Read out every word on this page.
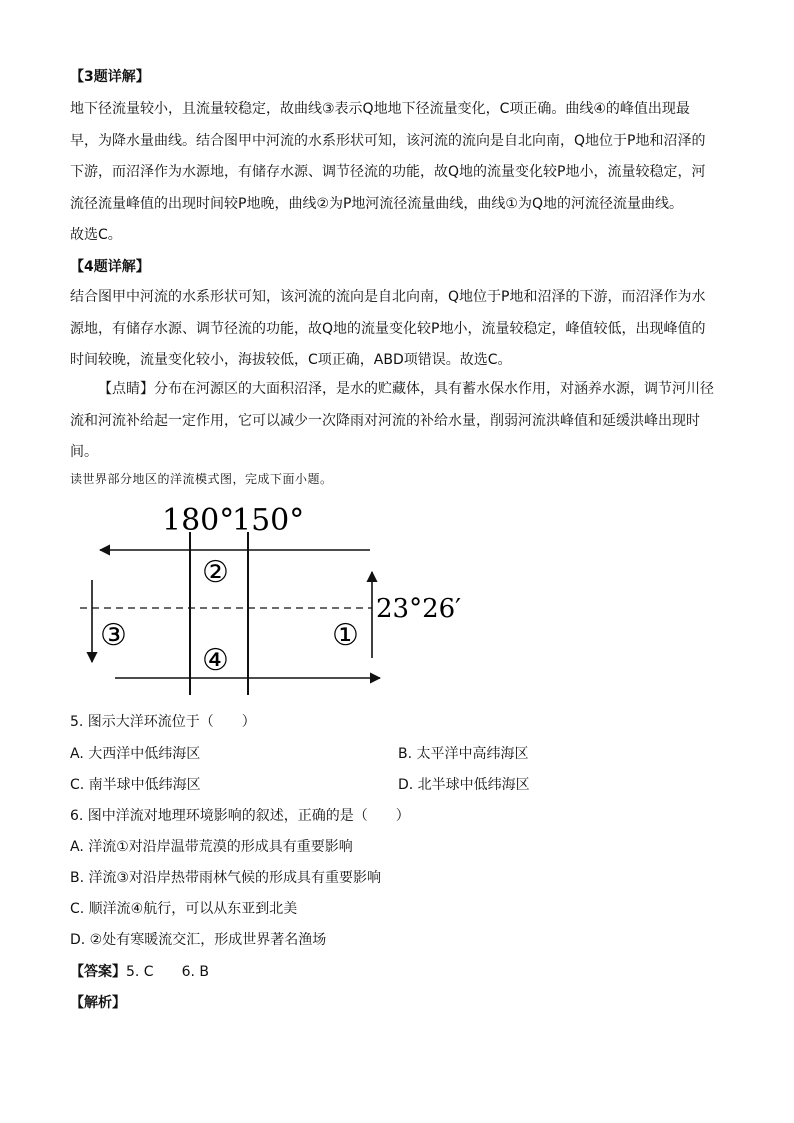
【3题详解】
地下径流量较小，且流量较稳定，故曲线③表示Q地地下径流量变化，C项正确。曲线④的峰值出现最
早，为降水量曲线。结合图甲中河流的水系形状可知，该河流的流向是自北向南，Q地位于P地和沼泽的
下游，而沼泽作为水源地，有储存水源、调节径流的功能，故Q地的流量变化较P地小，流量较稳定，河
流径流量峰值的出现时间较P地晚，曲线②为P地河流径流量曲线，曲线①为Q地的河流径流量曲线。
故选C。
【4题详解】
结合图甲中河流的水系形状可知，该河流的流向是自北向南，Q地位于P地和沼泽的下游，而沼泽作为水
源地，有储存水源、调节径流的功能，故Q地的流量变化较P地小，流量较稳定，峰值较低，出现峰值的
时间较晚，流量变化较小，海拔较低，C项正确，ABD项错误。故选C。
【点睛】分布在河源区的大面积沼泽，是水的贮藏体，具有蓄水保水作用，对涵养水源，调节河川径
流和河流补给起一定作用，它可以减少一次降雨对河流的补给水量，削弱河流洪峰值和延缓洪峰出现时
间。
读世界部分地区的洋流模式图，完成下面小题。
180°
150°
23°26′
②
④
③	①
5. 图示大洋环流位于（　　）
A. 大西洋中低纬海区	B. 太平洋中高纬海区
C. 南半球中低纬海区	D. 北半球中低纬海区
6. 图中洋流对地理环境影响的叙述，正确的是（　　）
A. 洋流①对沿岸温带荒漠的形成具有重要影响
B. 洋流③对沿岸热带雨林气候的形成具有重要影响
C. 顺洋流④航行，可以从东亚到北美
D. ②处有寒暖流交汇，形成世界著名渔场
【答案】5. C　　6. B
【解析】
